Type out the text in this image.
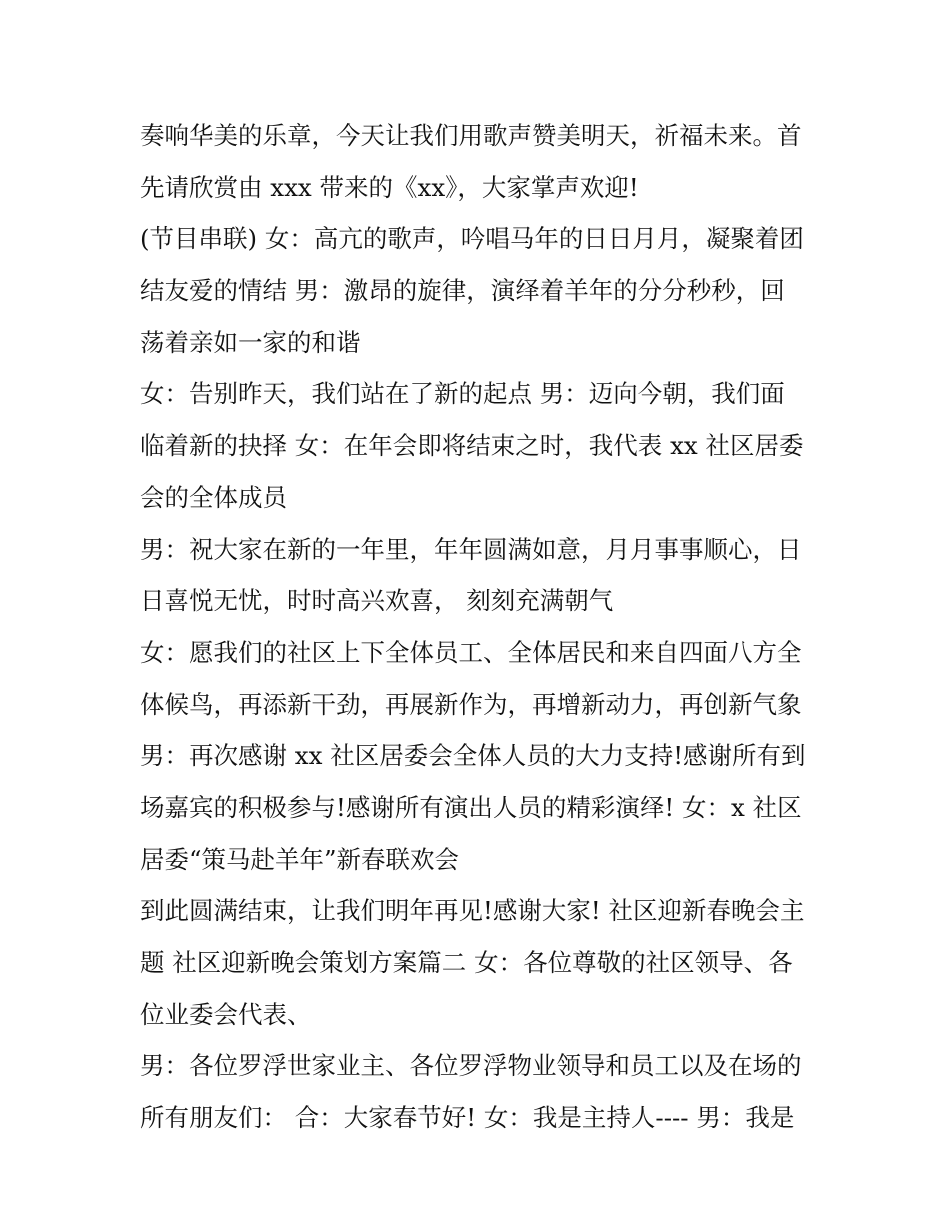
奏响华美的乐章，今天让我们用歌声赞美明天，祈福未来。首
先请欣赏由 xxx 带来的《xx》，大家掌声欢迎!
(节目串联) 女：高亢的歌声，吟唱马年的日日月月，凝聚着团
结友爱的情结 男：激昂的旋律，演绎着羊年的分分秒秒，回
荡着亲如一家的和谐
女：告别昨天，我们站在了新的起点 男：迈向今朝，我们面
临着新的抉择 女：在年会即将结束之时，我代表 xx 社区居委
会的全体成员
男：祝大家在新的一年里，年年圆满如意，月月事事顺心，日
日喜悦无忧，时时高兴欢喜， 刻刻充满朝气
女：愿我们的社区上下全体员工、全体居民和来自四面八方全
体候鸟，再添新干劲，再展新作为，再增新动力，再创新气象
男：再次感谢 xx 社区居委会全体人员的大力支持!感谢所有到
场嘉宾的积极参与!感谢所有演出人员的精彩演绎! 女：x 社区
居委“策马赴羊年”新春联欢会
到此圆满结束，让我们明年再见!感谢大家! 社区迎新春晚会主
题 社区迎新晚会策划方案篇二 女：各位尊敬的社区领导、各
位业委会代表、
男：各位罗浮世家业主、各位罗浮物业领导和员工以及在场的
所有朋友们： 合：大家春节好! 女：我是主持人---- 男：我是
